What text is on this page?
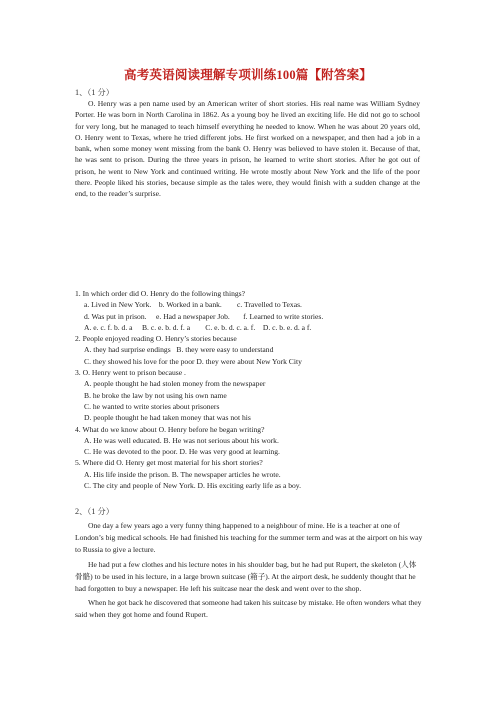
高考英语阅读理解专项训练100篇【附答案】
1、（1 分）

O. Henry was a pen name used by an American writer of short stories. His real name was William Sydney Porter. He was born in North Carolina in 1862. As a young boy he lived an exciting life. He did not go to school for very long, but he managed to teach himself everything he needed to know. When he was about 20 years old, O. Henry went to Texas, where he tried different jobs. He first worked on a newspaper, and then had a job in a bank, when some money went missing from the bank O. Henry was believed to have stolen it. Because of that, he was sent to prison. During the three years in prison, he learned to write short stories. After he got out of prison, he went to New York and continued writing. He wrote mostly about New York and the life of the poor there. People liked his stories, because simple as the tales were, they would finish with a sudden change at the end, to the reader’s surprise.

1. In which order did O. Henry do the following things?
a. Lived in New York.    b. Worked in a bank.        c. Travelled to Texas.
d. Was put in prison.     e. Had a newspaper Job.       f. Learned to write stories.
A. e. c. f. b. d. a     B. c. e. b. d. f. a        C. e. b. d. c. a. f.    D. c. b. e. d. a f.
2. People enjoyed reading O. Henry’s stories because
A. they had surprise endings   B. they were easy to understand
C. they showed his love for the poor D. they were about New York City
3. O. Henry went to prison because .
A. people thought he had stolen money from the newspaper
B. he broke the law by not using his own name
C. he wanted to write stories about prisoners
D. people thought he had taken money that was not his
4. What do we know about O. Henry before he began writing?
A. He was well educated. B. He was not serious about his work.
C. He was devoted to the poor. D. He was very good at learning.
5. Where did O. Henry get most material for his short stories?
A. His life inside the prison. B. The newspaper articles he wrote.
C. The city and people of New York. D. His exciting early life as a boy.
2、（1 分）

One day a few years ago a very funny thing happened to a neighbour of mine. He is a teacher at one of London’s big medical schools. He had finished his teaching for the summer term and was at the airport on his way to Russia to give a lecture.

He had put a few clothes and his lecture notes in his shoulder bag, but he had put Rupert, the skeleton (人体骨骼) to be used in his lecture, in a large brown suitcase (箱子). At the airport desk, he suddenly thought that he had forgotten to buy a newspaper. He left his suitcase near the desk and went over to the shop.

When he got back he discovered that someone had taken his suitcase by mistake. He often wonders what they said when they got home and found Rupert.
